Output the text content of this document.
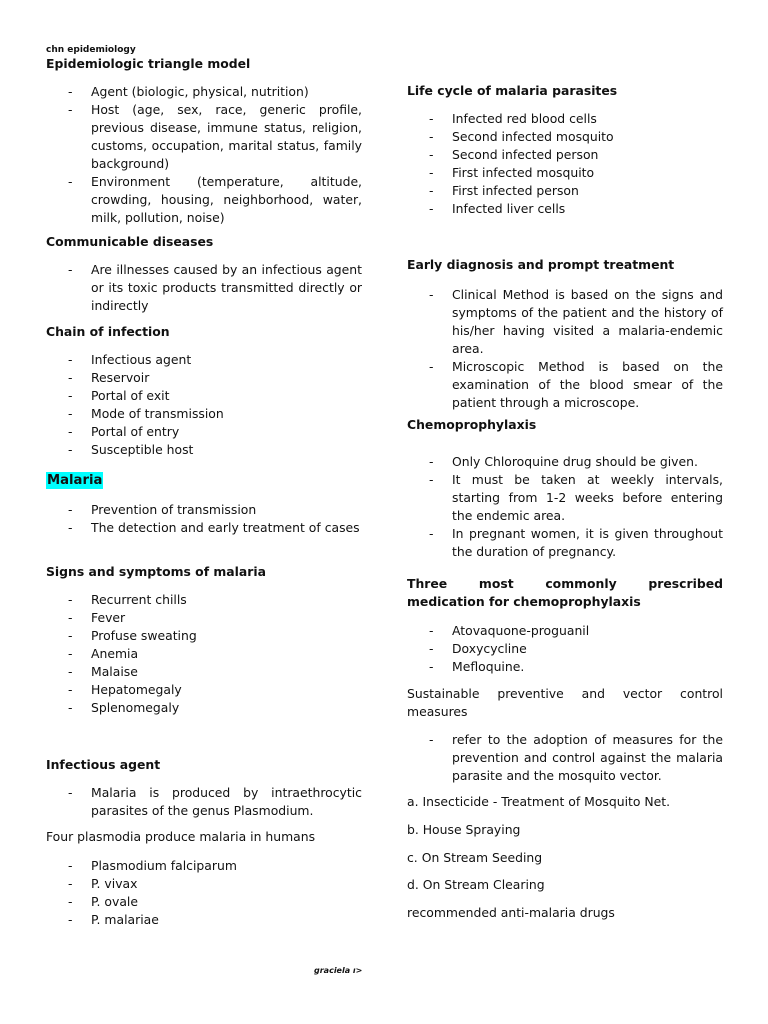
chn epidemiology
Epidemiologic triangle model
- Agent (biologic, physical, nutrition)
- Host (age, sex, race, generic profile, previous disease, immune status, religion, customs, occupation, marital status, family background)
- Environment (temperature, altitude, crowding, housing, neighborhood, water, milk, pollution, noise)
Communicable diseases
- Are illnesses caused by an infectious agent or its toxic products transmitted directly or indirectly
Chain of infection
- Infectious agent
- Reservoir
- Portal of exit
- Mode of transmission
- Portal of entry
- Susceptible host
Malaria
- Prevention of transmission
- The detection and early treatment of cases
Signs and symptoms of malaria
- Recurrent chills
- Fever
- Profuse sweating
- Anemia
- Malaise
- Hepatomegaly
- Splenomegaly
Infectious agent
- Malaria is produced by intraethrocytic parasites of the genus Plasmodium.
Four plasmodia produce malaria in humans
- Plasmodium falciparum
- P. vivax
- P. ovale
- P. malariae
Life cycle of malaria parasites
- Infected red blood cells
- Second infected mosquito
- Second infected person
- First infected mosquito
- First infected person
- Infected liver cells
Early diagnosis and prompt treatment
- Clinical Method is based on the signs and symptoms of the patient and the history of his/her having visited a malaria-endemic area.
- Microscopic Method is based on the examination of the blood smear of the patient through a microscope.
Chemoprophylaxis
- Only Chloroquine drug should be given.
- It must be taken at weekly intervals, starting from 1-2 weeks before entering the endemic area.
- In pregnant women, it is given throughout the duration of pregnancy.
Three most commonly prescribed
medication for chemoprophylaxis
- Atovaquone-proguanil
- Doxycycline
- Mefloquine.
Sustainable preventive and vector control measures
- refer to the adoption of measures for the prevention and control against the malaria parasite and the mosquito vector.
a. Insecticide - Treatment of Mosquito Net.
b. House Spraying
c. On Stream Seeding
d. On Stream Clearing
recommended anti-malaria drugs
graciela ı>
